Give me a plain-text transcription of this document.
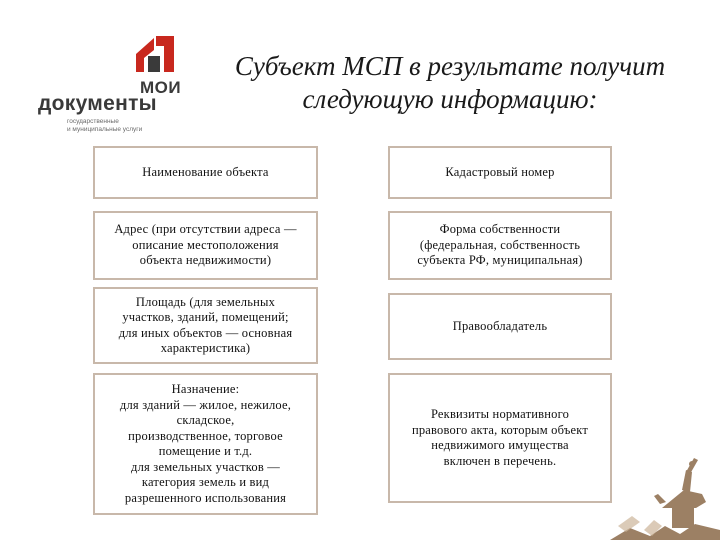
МОИ
документы
государственные
и муниципальные услуги
Субъект МСП в результате получит следующую информацию:
Наименование объекта
Адрес (при отсутствии адреса —
описание местоположения
объекта недвижимости)
Площадь (для земельных
участков, зданий, помещений;
для иных объектов — основная
характеристика)
Назначение:
для зданий — жилое, нежилое,
складское,
производственное, торговое
помещение и т.д.
для земельных участков —
категория земель и вид
разрешенного использования
Кадастровый номер
Форма собственности
(федеральная, собственность
субъекта РФ, муниципальная)
Правообладатель
Реквизиты нормативного
правового акта, которым объект
недвижимого имущества
включен в перечень.
